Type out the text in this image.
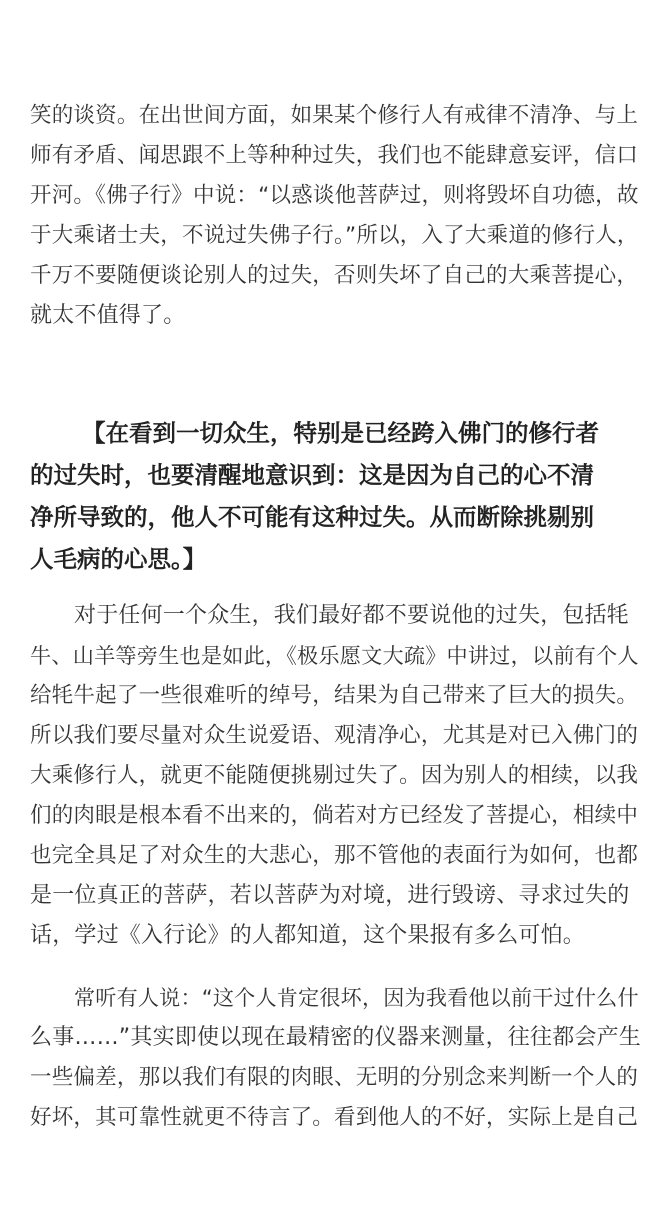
笑的谈资。在出世间方面，如果某个修行人有戒律不清净、与上
师有矛盾、闻思跟不上等种种过失，我们也不能肆意妄评，信口
开河。《佛子行》中说：“以惑谈他菩萨过，则将毁坏自功德，故
于大乘诸士夫，不说过失佛子行。”所以，入了大乘道的修行人，
千万不要随便谈论别人的过失，否则失坏了自己的大乘菩提心，
就太不值得了。
【在看到一切众生，特别是已经跨入佛门的修行者
的过失时，也要清醒地意识到：这是因为自己的心不清
净所导致的，他人不可能有这种过失。从而断除挑剔别
人毛病的心思。】
对于任何一个众生，我们最好都不要说他的过失，包括牦
牛、山羊等旁生也是如此，《极乐愿文大疏》中讲过，以前有个人
给牦牛起了一些很难听的绰号，结果为自己带来了巨大的损失。
所以我们要尽量对众生说爱语、观清净心，尤其是对已入佛门的
大乘修行人，就更不能随便挑剔过失了。因为别人的相续，以我
们的肉眼是根本看不出来的，倘若对方已经发了菩提心，相续中
也完全具足了对众生的大悲心，那不管他的表面行为如何，也都
是一位真正的菩萨，若以菩萨为对境，进行毁谤、寻求过失的
话，学过《入行论》的人都知道，这个果报有多么可怕。
常听有人说：“这个人肯定很坏，因为我看他以前干过什么什
么事……”其实即使以现在最精密的仪器来测量，往往都会产生
一些偏差，那以我们有限的肉眼、无明的分别念来判断一个人的
好坏，其可靠性就更不待言了。看到他人的不好，实际上是自己
